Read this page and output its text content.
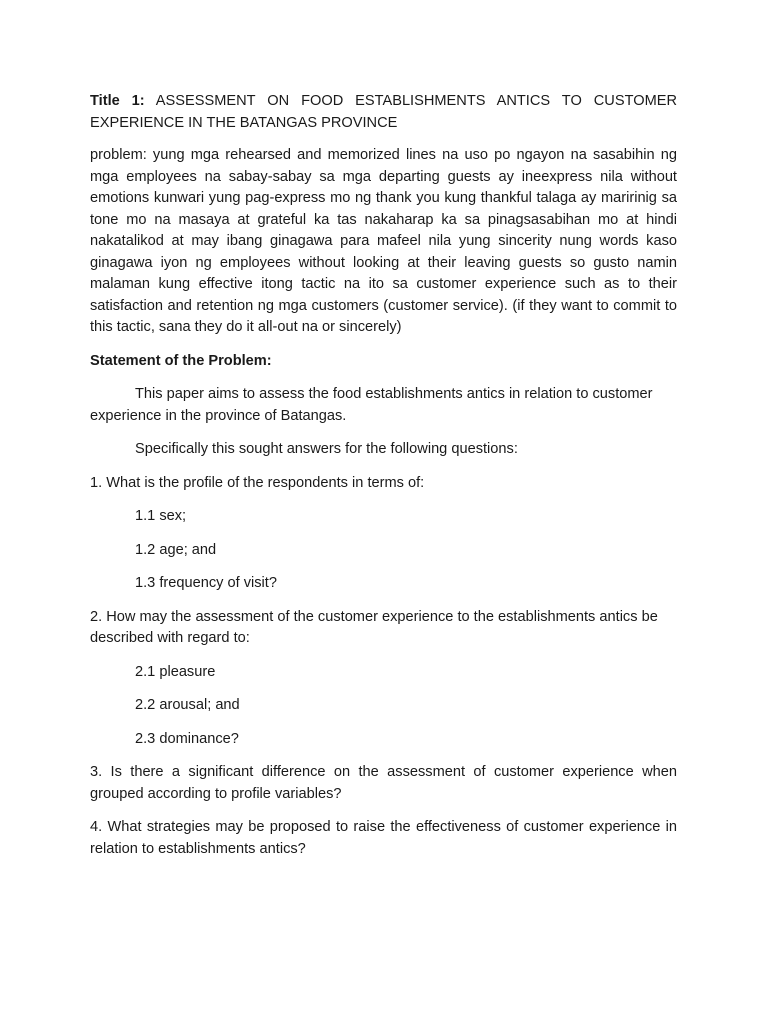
Title 1: ASSESSMENT ON FOOD ESTABLISHMENTS ANTICS TO CUSTOMER EXPERIENCE IN THE BATANGAS PROVINCE

problem: yung mga rehearsed and memorized lines na uso po ngayon na sasabihin ng mga employees na sabay-sabay sa mga departing guests ay ineexpress nila without emotions kunwari yung pag-express mo ng thank you kung thankful talaga ay maririnig sa tone mo na masaya at grateful ka tas nakaharap ka sa pinagsasabihan mo at hindi nakatalikod at may ibang ginagawa para mafeel nila yung sincerity nung words kaso ginagawa iyon ng employees without looking at their leaving guests so gusto namin malaman kung effective itong tactic na ito sa customer experience such as to their satisfaction and retention ng mga customers (customer service). (if they want to commit to this tactic, sana they do it all-out na or sincerely)

Statement of the Problem:

This paper aims to assess the food establishments antics in relation to customer experience in the province of Batangas.

Specifically this sought answers for the following questions:

1. What is the profile of the respondents in terms of:

1.1 sex;

1.2 age; and

1.3 frequency of visit?

2. How may the assessment of the customer experience to the establishments antics be described with regard to:

2.1 pleasure

2.2 arousal; and

2.3 dominance?

3. Is there a significant difference on the assessment of customer experience when grouped according to profile variables?

4. What strategies may be proposed to raise the effectiveness of customer experience in relation to establishments antics?
